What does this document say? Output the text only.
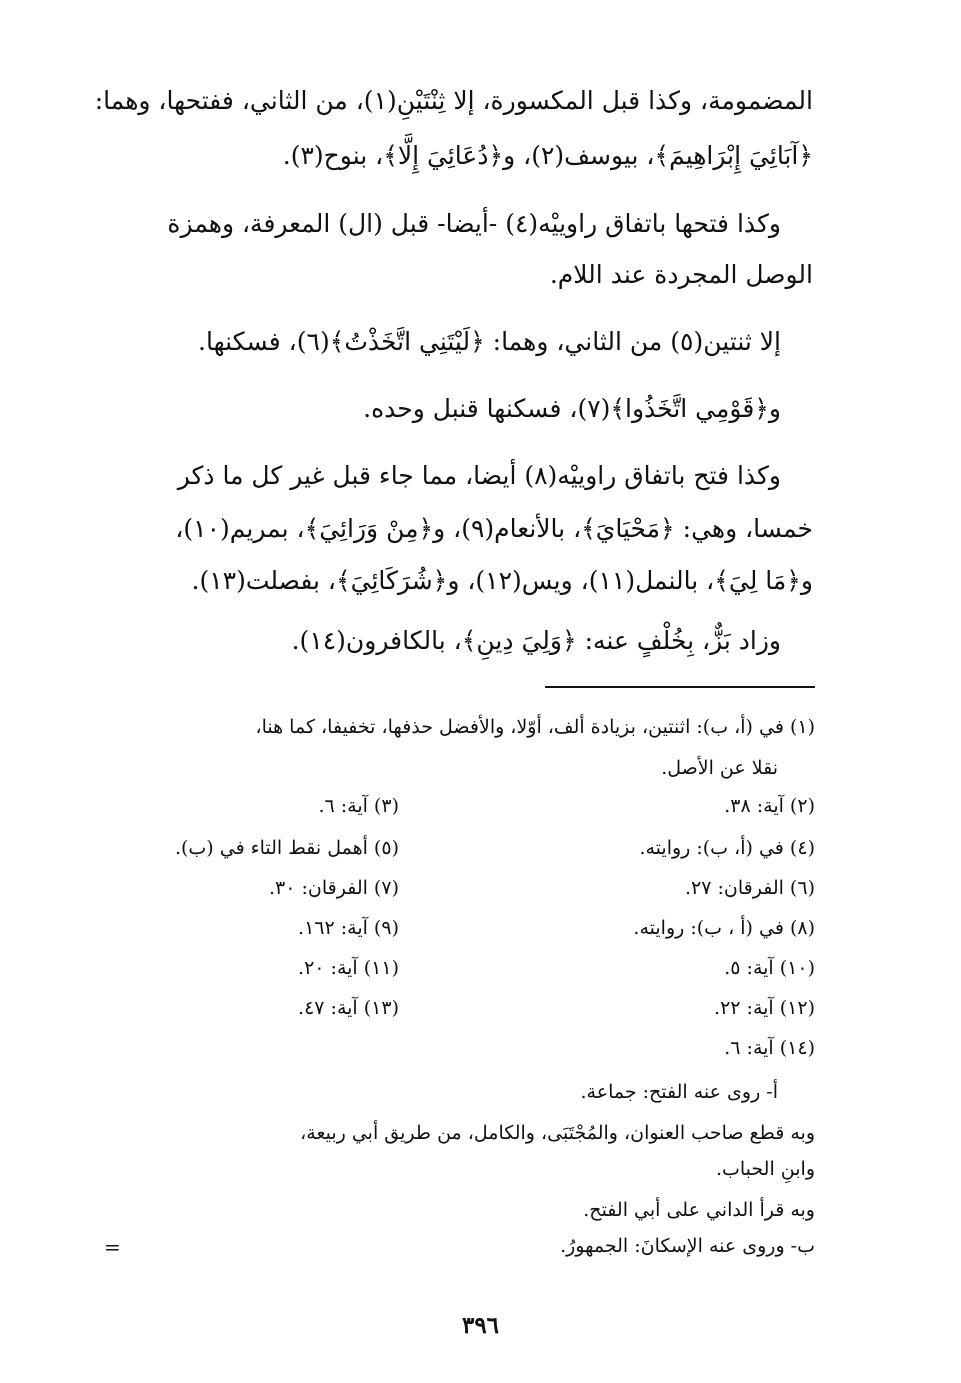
المضمومة، وكذا قبل المكسورة، إلا ثِنْتَيْنِ(١)، من الثاني، ففتحها، وهما:
﴿آبَائِيَ إِبْرَاهِيمَ﴾، بيوسف(٢)، و﴿دُعَائِيَ إِلَّا﴾، بنوح(٣).
وكذا فتحها باتفاق راوييْه(٤) -أيضا- قبل (ال) المعرفة، وهمزة
الوصل المجردة عند اللام.
إلا ثنتين(٥) من الثاني، وهما: ﴿لَيْتَنِي اتَّخَذْتُ﴾(٦)، فسكنها.
و﴿قَوْمِي اتَّخَذُوا﴾(٧)، فسكنها قنبل وحده.
وكذا فتح باتفاق راوييْه(٨) أيضا، مما جاء قبل غير كل ما ذكر
خمسا، وهي: ﴿مَحْيَايَ﴾، بالأنعام(٩)، و﴿مِنْ وَرَائِيَ﴾، بمريم(١٠)،
و﴿مَا لِيَ﴾، بالنمل(١١)، ويس(١٢)، و﴿شُرَكَائِيَ﴾، بفصلت(١٣).
وزاد بَزٌّ، بِخُلْفٍ عنه: ﴿وَلِيَ دِينِ﴾، بالكافرون(١٤).
(١) في (أ، ب): اثنتين، بزيادة ألف، أوّلا، والأفضل حذفها، تخفيفا، كما هنا،
نقلا عن الأصل.
(٢) آية: ٣٨.
(٣) آية: ٦.
(٤) في (أ، ب): روايته.
(٥) أهمل نقط التاء في (ب).
(٦) الفرقان: ٢٧.
(٧) الفرقان: ٣٠.
(٨) في (أ ، ب): روايته.
(٩) آية: ١٦٢.
(١٠) آية: ٥.
(١١) آية: ٢٠.
(١٢) آية: ٢٢.
(١٣) آية: ٤٧.
(١٤) آية: ٦.
أ- روى عنه الفتح: جماعة.
وبه قطع صاحب العنوان، والمُجْتَبَى، والكامل، من طريق أبي ربيعة،
وابنِ الحباب.
وبه قرأ الداني على أبي الفتح.
ب- وروى عنه الإسكانَ: الجمهورُ.
=
٣٩٦
